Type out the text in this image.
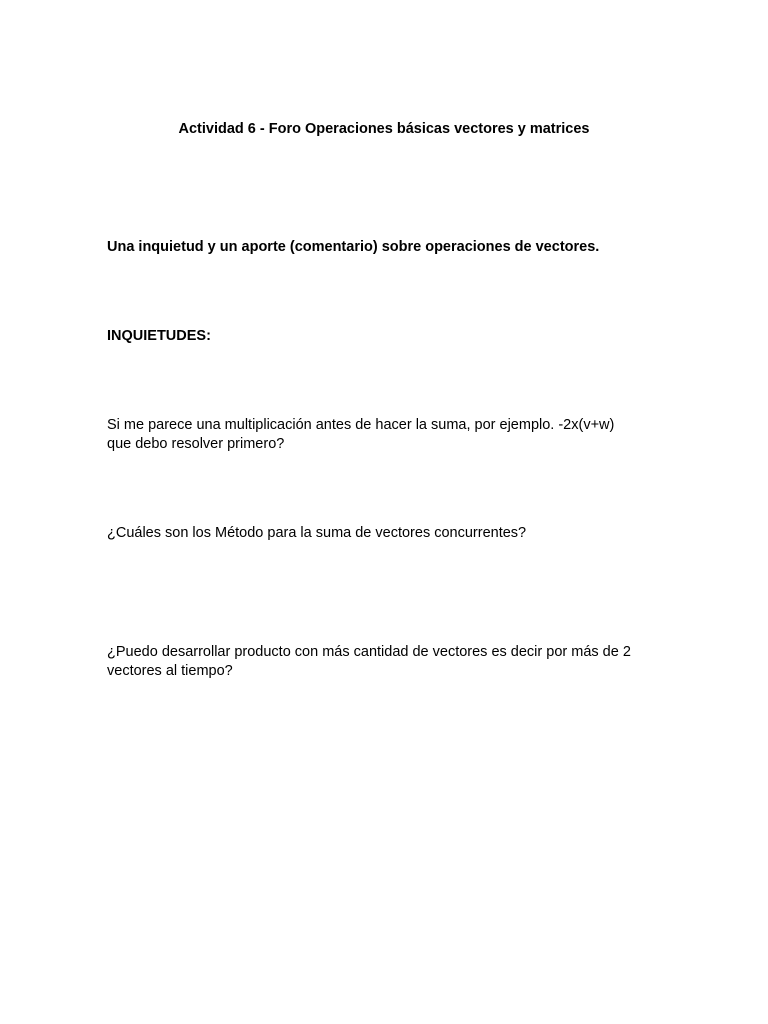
Actividad 6 - Foro Operaciones básicas vectores y matrices
Una inquietud y un aporte (comentario) sobre operaciones de vectores.
INQUIETUDES:
Si me parece una multiplicación antes de hacer la suma, por ejemplo. -2x(v+w)
que debo resolver primero?
¿Cuáles son los Método para la suma de vectores concurrentes?
¿Puedo desarrollar producto con más cantidad de vectores es decir por más de 2
vectores al tiempo?
